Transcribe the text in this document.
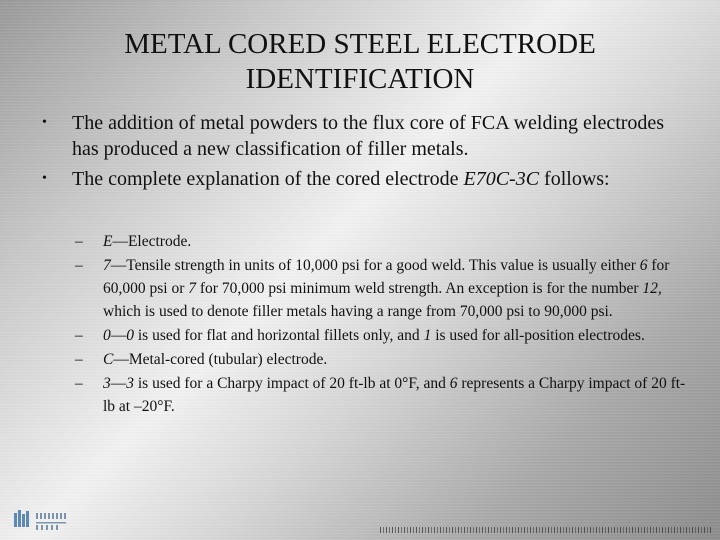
METAL CORED STEEL ELECTRODE
IDENTIFICATION
• The addition of metal powders to the flux core of FCA welding electrodes has produced a new classification of filler metals.
• The complete explanation of the cored electrode E70C-3C follows:
– E—Electrode.
– 7—Tensile strength in units of 10,000 psi for a good weld. This value is usually either 6 for 60,000 psi or 7 for 70,000 psi minimum weld strength. An exception is for the number 12, which is used to denote filler metals having a range from 70,000 psi to 90,000 psi.
– 0—0 is used for flat and horizontal fillets only, and 1 is used for all-position electrodes.
– C—Metal-cored (tubular) electrode.
– 3—3 is used for a Charpy impact of 20 ft-lb at 0°F, and 6 represents a Charpy impact of 20 ft-lb at –20°F.
